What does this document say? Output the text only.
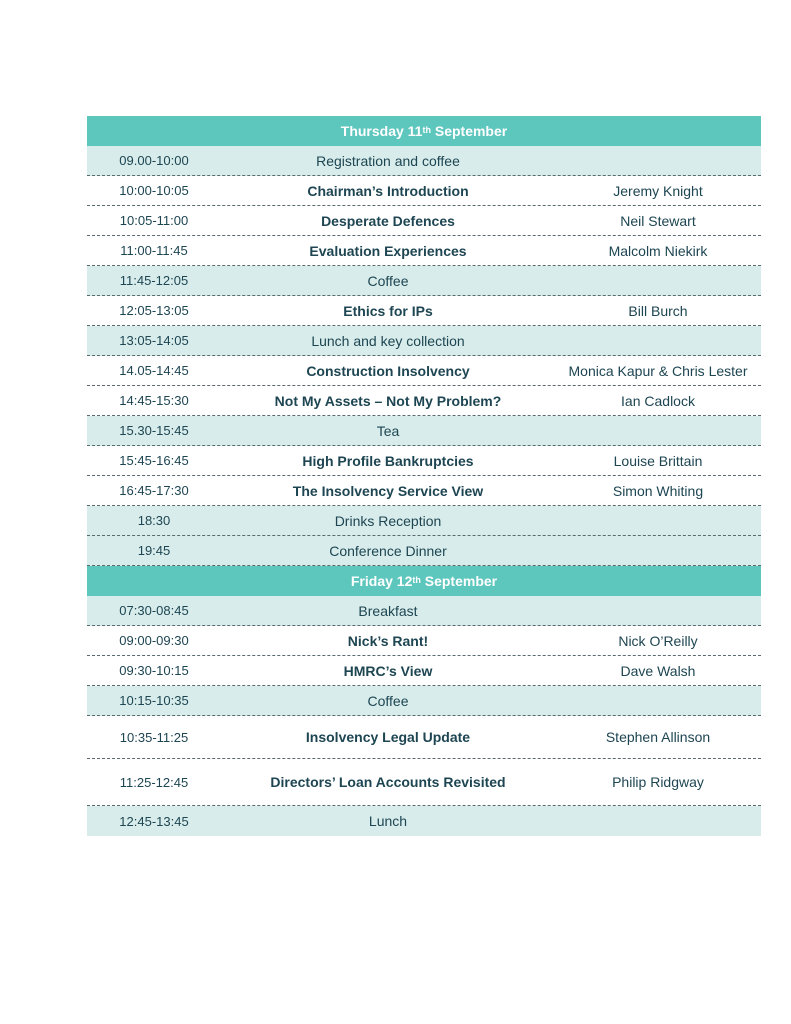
Thursday 11th September
09.00-10:00	Registration and coffee
10:00-10:05	Chairman’s Introduction	Jeremy Knight
10:05-11:00	Desperate Defences	Neil Stewart
11:00-11:45	Evaluation Experiences	Malcolm Niekirk
11:45-12:05	Coffee
12:05-13:05	Ethics for IPs	Bill Burch
13:05-14:05	Lunch and key collection
14.05-14:45	Construction Insolvency	Monica Kapur & Chris Lester
14:45-15:30	Not My Assets – Not My Problem?	Ian Cadlock
15.30-15:45	Tea
15:45-16:45	High Profile Bankruptcies	Louise Brittain
16:45-17:30	The Insolvency Service View	Simon Whiting
18:30	Drinks Reception
19:45	Conference Dinner
Friday 12th September
07:30-08:45	Breakfast
09:00-09:30	Nick’s Rant!	Nick O’Reilly
09:30-10:15	HMRC’s View	Dave Walsh
10:15-10:35	Coffee
10:35-11:25	Insolvency Legal Update	Stephen Allinson
11:25-12:45	Directors’ Loan Accounts Revisited	Philip Ridgway
12:45-13:45	Lunch
